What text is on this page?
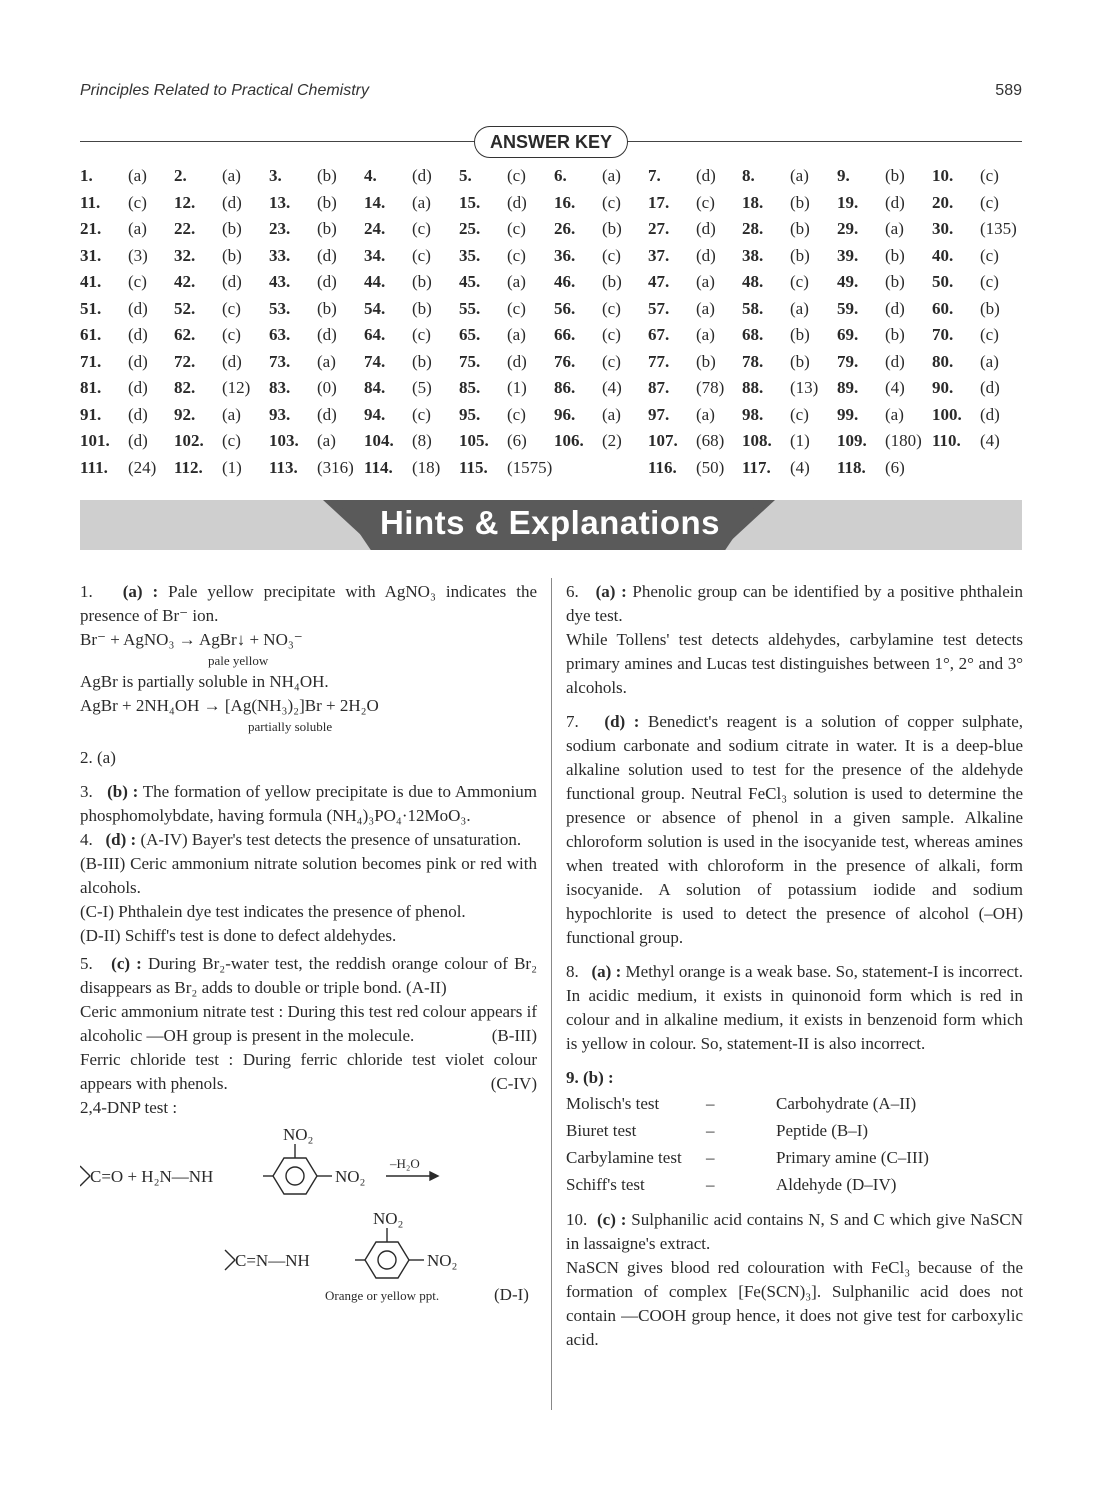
Principles Related to Practical Chemistry	589
ANSWER KEY
1. (a) 2. (a) 3. (b) 4. (d) 5. (c) 6. (a) 7. (d) 8. (a) 9. (b) 10. (c)
11. (c) 12. (d) 13. (b) 14. (a) 15. (d) 16. (c) 17. (c) 18. (b) 19. (d) 20. (c)
21. (a) 22. (b) 23. (b) 24. (c) 25. (c) 26. (b) 27. (d) 28. (b) 29. (a) 30. (135)
31. (3) 32. (b) 33. (d) 34. (c) 35. (c) 36. (c) 37. (d) 38. (b) 39. (b) 40. (c)
41. (c) 42. (d) 43. (d) 44. (b) 45. (a) 46. (b) 47. (a) 48. (c) 49. (b) 50. (c)
51. (d) 52. (c) 53. (b) 54. (b) 55. (c) 56. (c) 57. (a) 58. (a) 59. (d) 60. (b)
61. (d) 62. (c) 63. (d) 64. (c) 65. (a) 66. (c) 67. (a) 68. (b) 69. (b) 70. (c)
71. (d) 72. (d) 73. (a) 74. (b) 75. (d) 76. (c) 77. (b) 78. (b) 79. (d) 80. (a)
81. (d) 82. (12) 83. (0) 84. (5) 85. (1) 86. (4) 87. (78) 88. (13) 89. (4) 90. (d)
91. (d) 92. (a) 93. (d) 94. (c) 95. (c) 96. (a) 97. (a) 98. (c) 99. (a) 100. (d)
101. (d) 102. (c) 103. (a) 104. (8) 105. (6) 106. (2) 107. (68) 108. (1) 109. (180) 110. (4)
111. (24) 112. (1) 113. (316) 114. (18) 115. (1575)	116. (50) 117. (4) 118. (6)
Hints & Explanations

1. (a) : Pale yellow precipitate with AgNO₃ indicates the presence of Br⁻ ion.

Br⁻ + AgNO₃ → AgBr↓ + NO₃⁻

pale yellow

AgBr is partially soluble in NH₄OH.

AgBr + 2NH₄OH → [Ag(NH₃)₂]Br + 2H₂O

partially soluble

2. (a)

3. (b) : The formation of yellow precipitate is due to Ammonium phosphomolybdate, having formula (NH₄)₃PO₄·12MoO₃.

4. (d) : (A-IV) Bayer's test detects the presence of unsaturation.

(B-III) Ceric ammonium nitrate solution becomes pink or red with alcohols.

(C-I) Phthalein dye test indicates the presence of phenol.

(D-II) Schiff's test is done to defect aldehydes.

5. (c) : During Br₂-water test, the reddish orange colour of Br₂ disappears as Br₂ adds to double or triple bond. (A-II)

Ceric ammonium nitrate test : During this test red colour appears if alcoholic —OH group is present in the molecule.	(B-III)

Ferric chloride test : During ferric chloride test violet colour appears with phenols.	(C-IV)

2,4-DNP test :

C=O + H₂N—NH
NO₂
NO₂
–H₂O
C=N—NH
NO₂
NO₂
Orange or yellow ppt.	(D-I)

6. (a) : Phenolic group can be identified by a positive phthalein dye test.

While Tollens' test detects aldehydes, carbylamine test detects primary amines and Lucas test distinguishes between 1°, 2° and 3° alcohols.

7. (d) : Benedict's reagent is a solution of copper sulphate, sodium carbonate and sodium citrate in water. It is a deep-blue alkaline solution used to test for the presence of the aldehyde functional group. Neutral FeCl₃ solution is used to determine the presence or absence of phenol in a given sample. Alkaline chloroform solution is used in the isocyanide test, whereas amines when treated with chloroform in the presence of alkali, form isocyanide. A solution of potassium iodide and sodium hypochlorite is used to detect the presence of alcohol (–OH) functional group.

8. (a) : Methyl orange is a weak base. So, statement-I is incorrect. In acidic medium, it exists in quinonoid form which is red in colour and in alkaline medium, it exists in benzenoid form which is yellow in colour. So, statement-II is also incorrect.

9. (b) :

Molisch's test	–	Carbohydrate (A–II)
Biuret test	–	Peptide (B–I)
Carbylamine test	–	Primary amine (C–III)
Schiff's test	–	Aldehyde (D–IV)

10. (c) : Sulphanilic acid contains N, S and C which give NaSCN in lassaigne's extract.

NaSCN gives blood red colouration with FeCl₃ because of the formation of complex [Fe(SCN)₃]. Sulphanilic acid does not contain —COOH group hence, it does not give test for carboxylic acid.
